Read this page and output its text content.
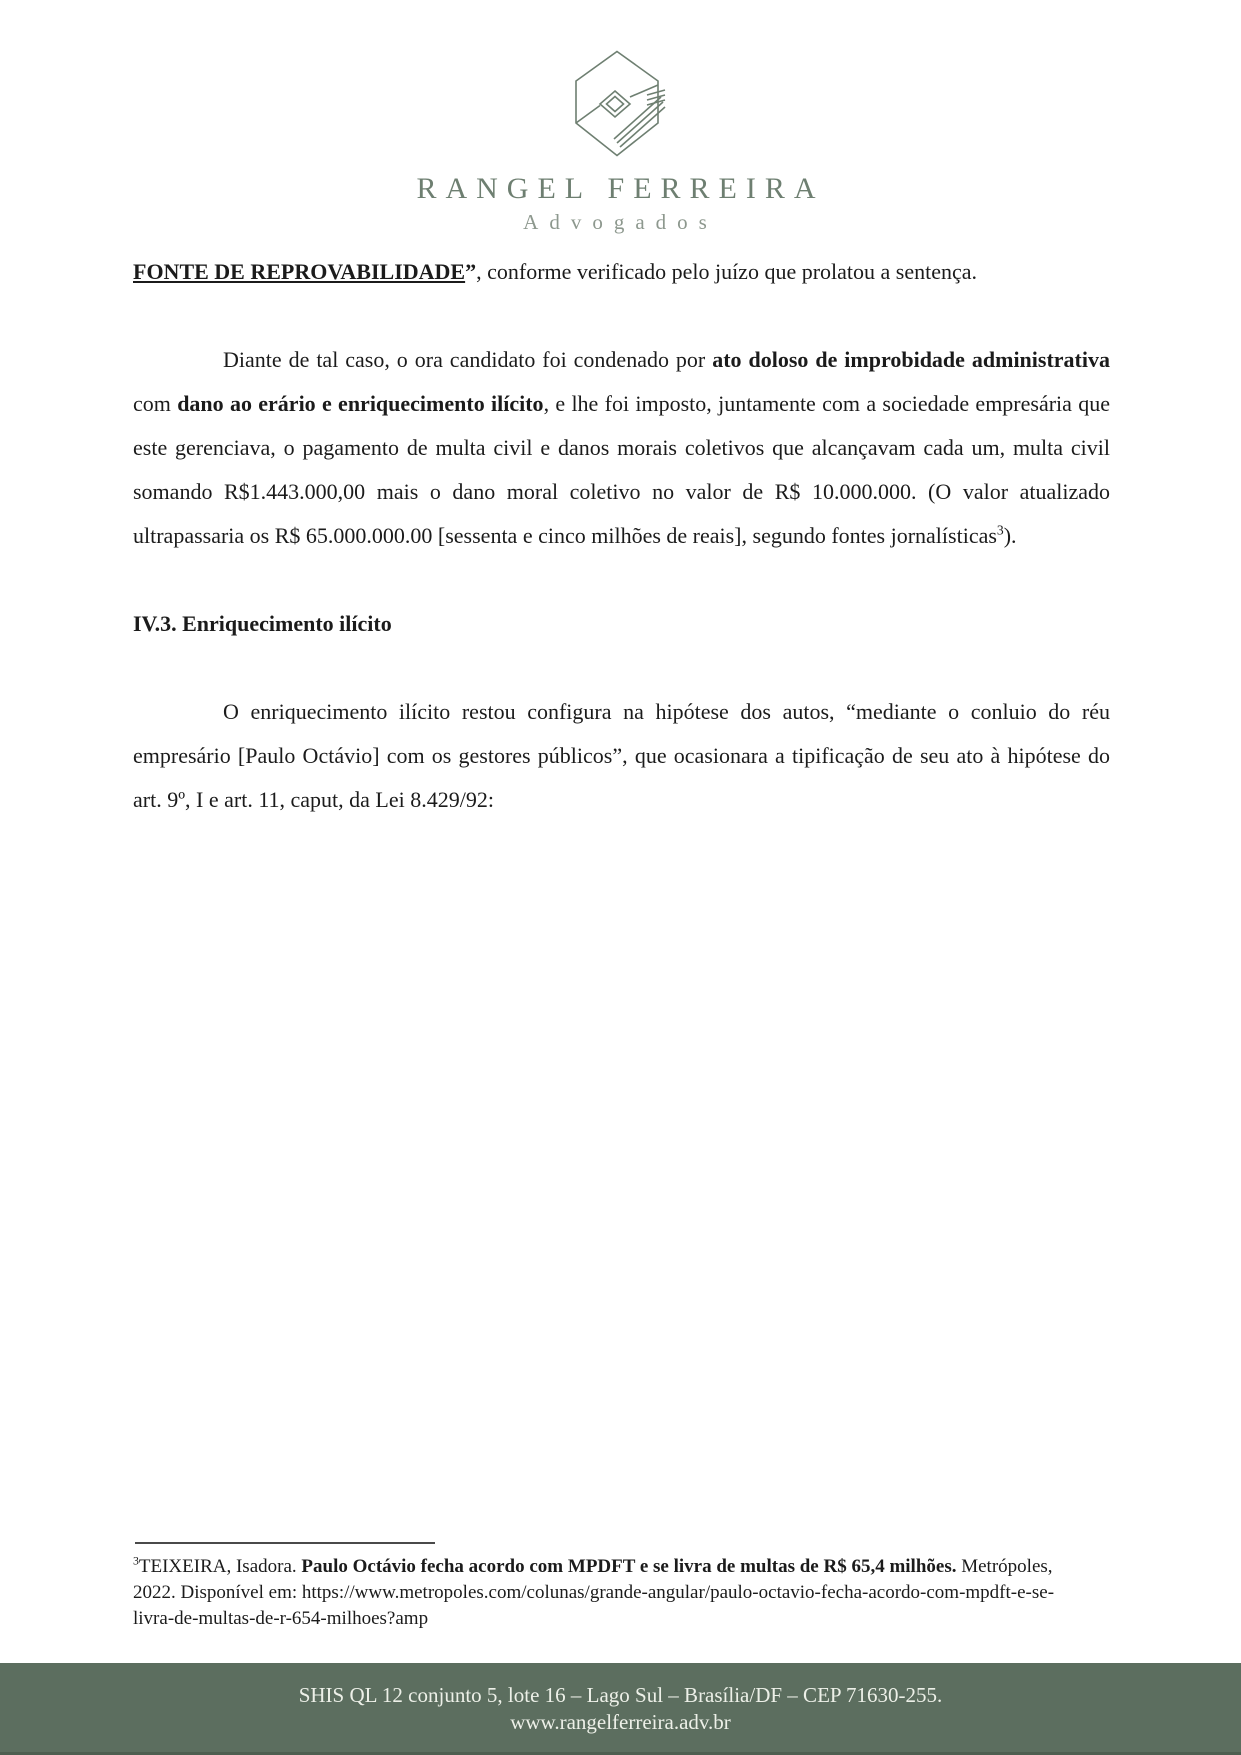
RANGEL FERREIRA
Advogados

FONTE DE REPROVABILIDADE”, conforme verificado pelo juízo que prolatou a sentença.

Diante de tal caso, o ora candidato foi condenado por ato doloso de improbidade administrativa com dano ao erário e enriquecimento ilícito, e lhe foi imposto, juntamente com a sociedade empresária que este gerenciava, o pagamento de multa civil e danos morais coletivos que alcançavam cada um, multa civil somando R$1.443.000,00 mais o dano moral coletivo no valor de R$ 10.000.000. (O valor atualizado ultrapassaria os R$ 65.000.000.00 [sessenta e cinco milhões de reais], segundo fontes jornalísticas$^3$).

IV.3. Enriquecimento ilícito

O enriquecimento ilícito restou configura na hipótese dos autos, “mediante o conluio do réu empresário [Paulo Octávio] com os gestores públicos”, que ocasionara a tipificação de seu ato à hipótese do art. 9º, I e art. 11, caput, da Lei 8.429/92:

$^3$TEIXEIRA, Isadora. Paulo Octávio fecha acordo com MPDFT e se livra de multas de R$ 65,4 milhões. Metrópoles, 2022. Disponível em: https://www.metropoles.com/colunas/grande-angular/paulo-octavio-fecha-acordo-com-mpdft-e-se-livra-de-multas-de-r-654-milhoes?amp
SHIS QL 12 conjunto 5, lote 16 – Lago Sul – Brasília/DF – CEP 71630-255.
www.rangelferreira.adv.br
